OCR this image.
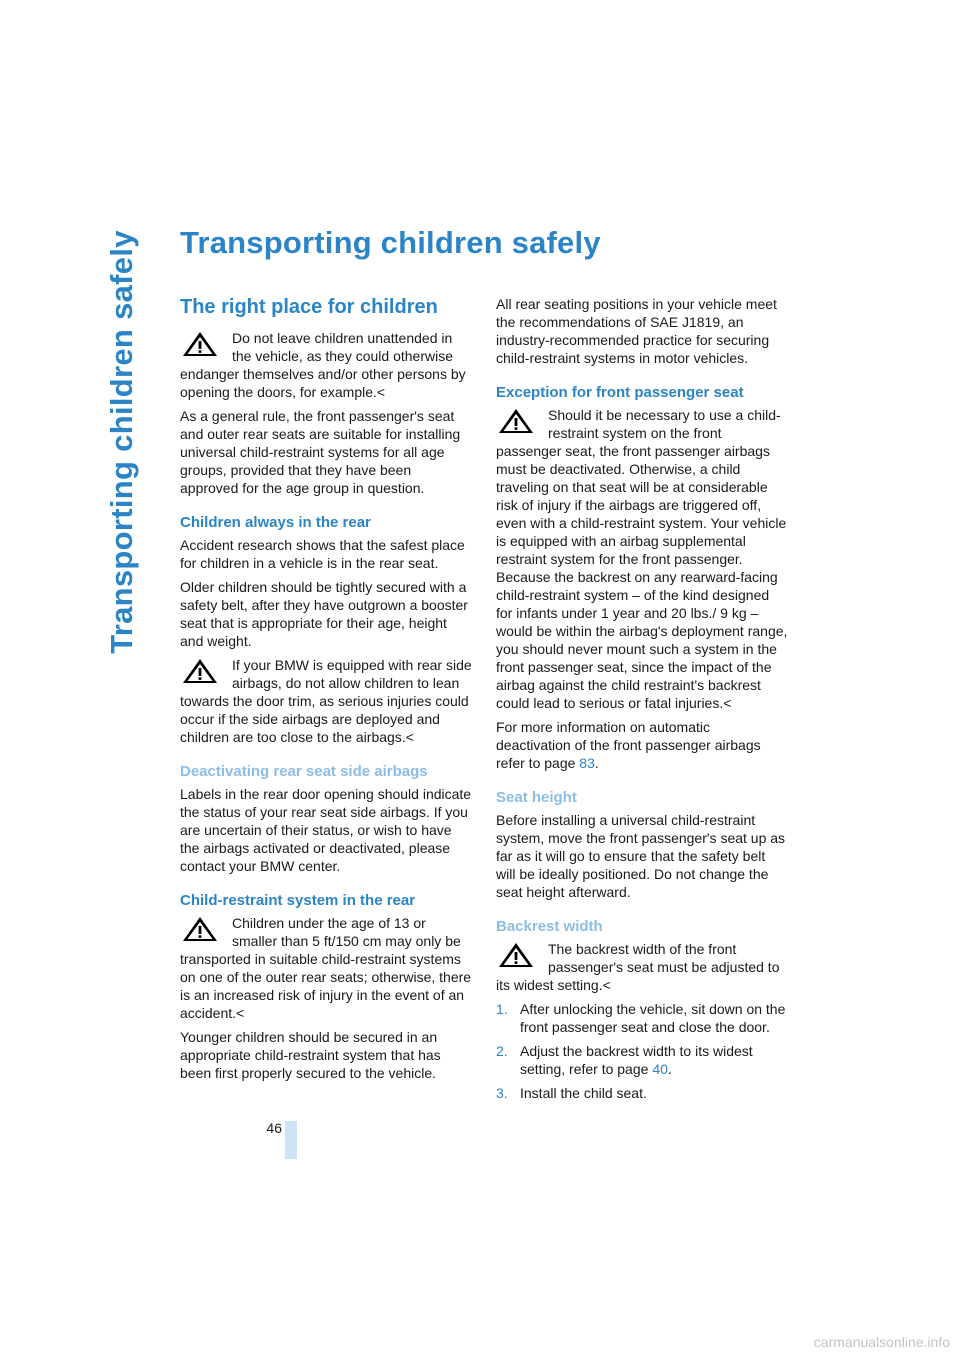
Transporting children safely Transporting children safely
The right place for children
Do not leave children unattended in the vehicle, as they could otherwise endanger themselves and/or other persons by opening the doors, for example.<

As a general rule, the front passenger's seat and outer rear seats are suitable for installing universal child-restraint systems for all age groups, provided that they have been approved for the age group in question.

Children always in the rear

Accident research shows that the safest place for children in a vehicle is in the rear seat.

Older children should be tightly secured with a safety belt, after they have outgrown a booster seat that is appropriate for their age, height and weight.

If your BMW is equipped with rear side airbags, do not allow children to lean towards the door trim, as serious injuries could occur if the side airbags are deployed and children are too close to the airbags.<
Deactivating rear seat side airbags

Labels in the rear door opening should indicate the status of your rear seat side airbags. If you are uncertain of their status, or wish to have the airbags activated or deactivated, please contact your BMW center.

Child-restraint system in the rear
Children under the age of 13 or smaller than 5 ft/150 cm may only be transported in suitable child-restraint systems on one of the outer rear seats; otherwise, there is an increased risk of injury in the event of an accident.<

Younger children should be secured in an appropriate child-restraint system that has been first properly secured to the vehicle.

All rear seating positions in your vehicle meet the recommendations of SAE J1819, an industry-recommended practice for securing child-restraint systems in motor vehicles.

Exception for front passenger seat
Should it be necessary to use a child-restraint system on the front passenger seat, the front passenger airbags must be deactivated. Otherwise, a child traveling on that seat will be at considerable risk of injury if the airbags are triggered off, even with a child-restraint system. Your vehicle is equipped with an airbag supplemental restraint system for the front passenger. Because the backrest on any rearward-facing child-restraint system – of the kind designed for infants under 1 year and 20 lbs./ 9 kg – would be within the airbag's deployment range, you should never mount such a system in the front passenger seat, since the impact of the airbag against the child restraint's backrest could lead to serious or fatal injuries.<

For more information on automatic deactivation of the front passenger airbags refer to page 83.

Seat height

Before installing a universal child-restraint system, move the front passenger's seat up as far as it will go to ensure that the safety belt will be ideally positioned. Do not change the seat height afterward.

Backrest width
The backrest width of the front passenger's seat must be adjusted to its widest setting.<
1. After unlocking the vehicle, sit down on the front passenger seat and close the door.
2. Adjust the backrest width to its widest setting, refer to page 40.
3. Install the child seat.
46
carmanualsonline.info
